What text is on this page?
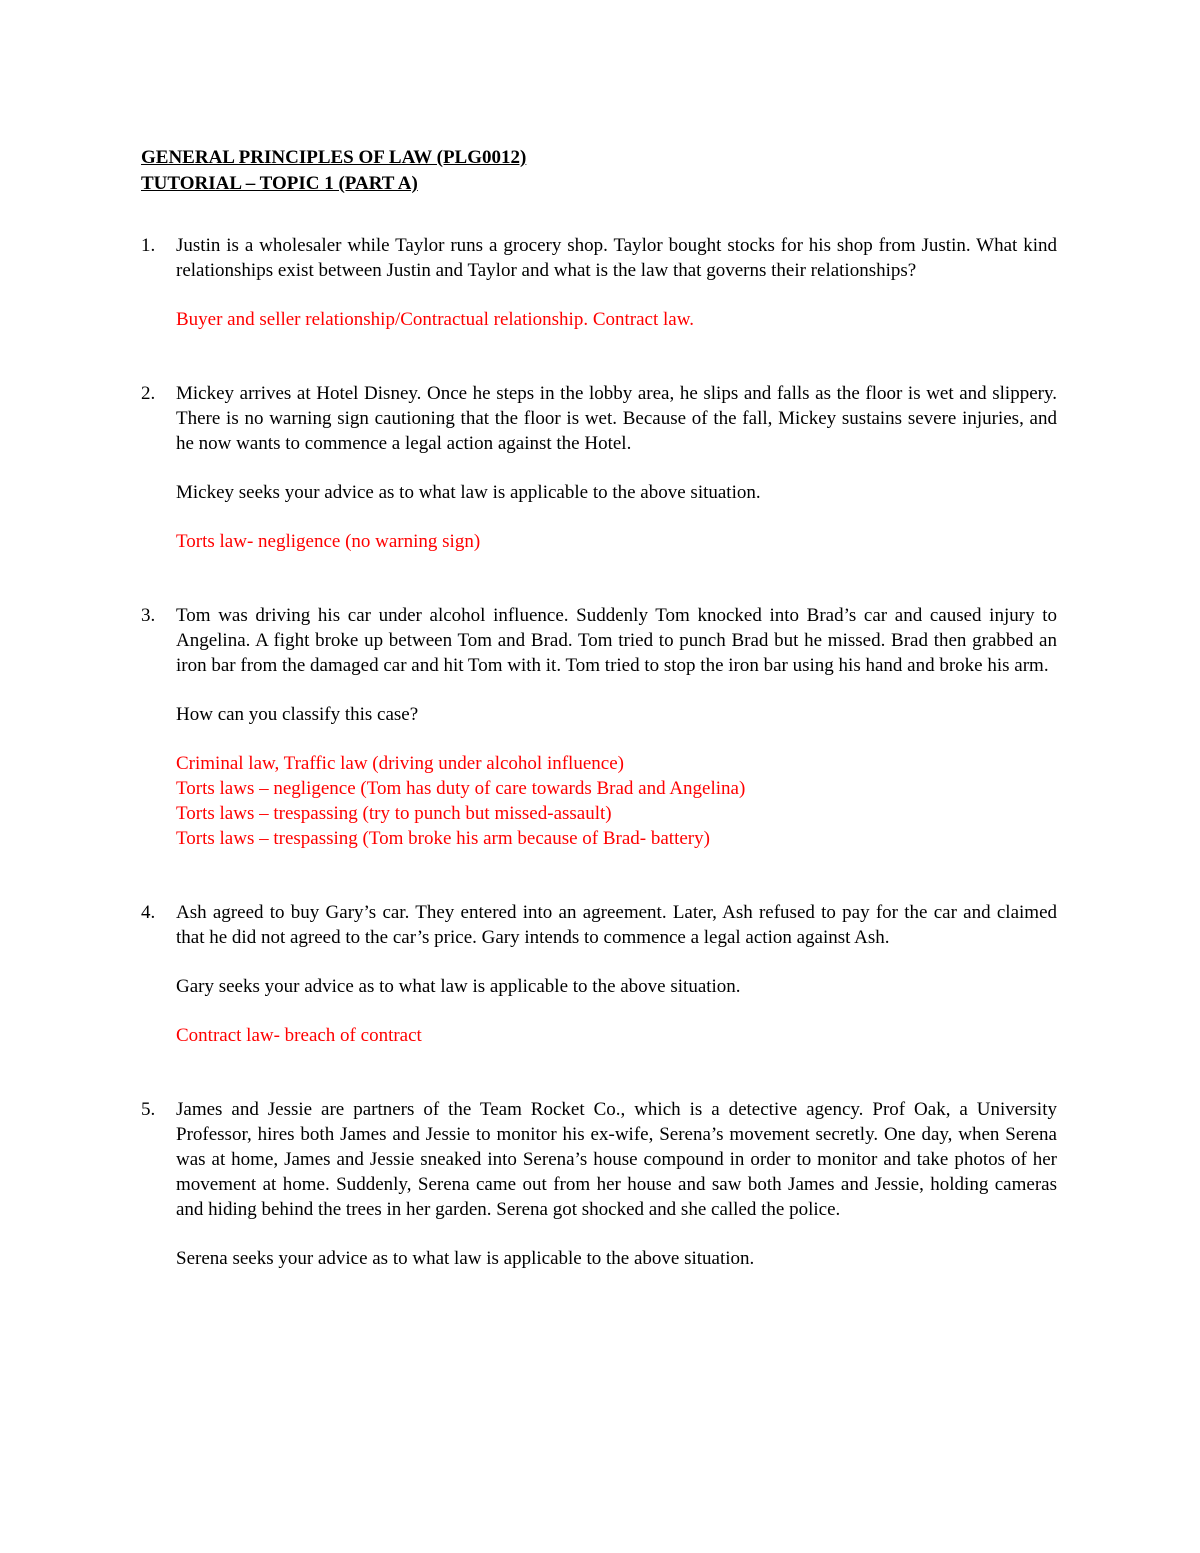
GENERAL PRINCIPLES OF LAW (PLG0012)

TUTORIAL – TOPIC 1 (PART A)

1. Justin is a wholesaler while Taylor runs a grocery shop. Taylor bought stocks for his shop from Justin. What kind relationships exist between Justin and Taylor and what is the law that governs their relationships?

Buyer and seller relationship/Contractual relationship. Contract law.

2. Mickey arrives at Hotel Disney. Once he steps in the lobby area, he slips and falls as the floor is wet and slippery. There is no warning sign cautioning that the floor is wet. Because of the fall, Mickey sustains severe injuries, and he now wants to commence a legal action against the Hotel.

Mickey seeks your advice as to what law is applicable to the above situation.

Torts law- negligence (no warning sign)

3. Tom was driving his car under alcohol influence. Suddenly Tom knocked into Brad’s car and caused injury to Angelina. A fight broke up between Tom and Brad. Tom tried to punch Brad but he missed. Brad then grabbed an iron bar from the damaged car and hit Tom with it. Tom tried to stop the iron bar using his hand and broke his arm.

How can you classify this case?

Criminal law, Traffic law (driving under alcohol influence)

Torts laws – negligence (Tom has duty of care towards Brad and Angelina)

Torts laws – trespassing (try to punch but missed-assault)

Torts laws – trespassing (Tom broke his arm because of Brad- battery)

4. Ash agreed to buy Gary’s car. They entered into an agreement. Later, Ash refused to pay for the car and claimed that he did not agreed to the car’s price. Gary intends to commence a legal action against Ash.

Gary seeks your advice as to what law is applicable to the above situation.

Contract law- breach of contract

5. James and Jessie are partners of the Team Rocket Co., which is a detective agency. Prof Oak, a University Professor, hires both James and Jessie to monitor his ex-wife, Serena’s movement secretly. One day, when Serena was at home, James and Jessie sneaked into Serena’s house compound in order to monitor and take photos of her movement at home. Suddenly, Serena came out from her house and saw both James and Jessie, holding cameras and hiding behind the trees in her garden. Serena got shocked and she called the police.

Serena seeks your advice as to what law is applicable to the above situation.
